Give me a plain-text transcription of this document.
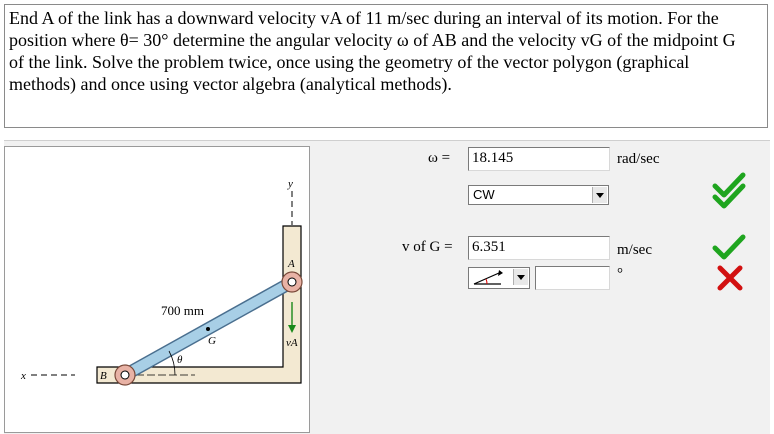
End A of the link has a downward velocity vA of 11 m/sec during an interval of its motion. For the
position where θ= 30° determine the angular velocity ω of AB and the velocity vG of the midpoint G
of the link. Solve the problem twice, once using the geometry of the vector polygon (graphical
methods) and once using vector algebra (analytical methods).
y
x
θ
G
700 mm
A
vA
B
ω = 18.145	rad/sec
CW
v of G = 6.351	m/sec
°
